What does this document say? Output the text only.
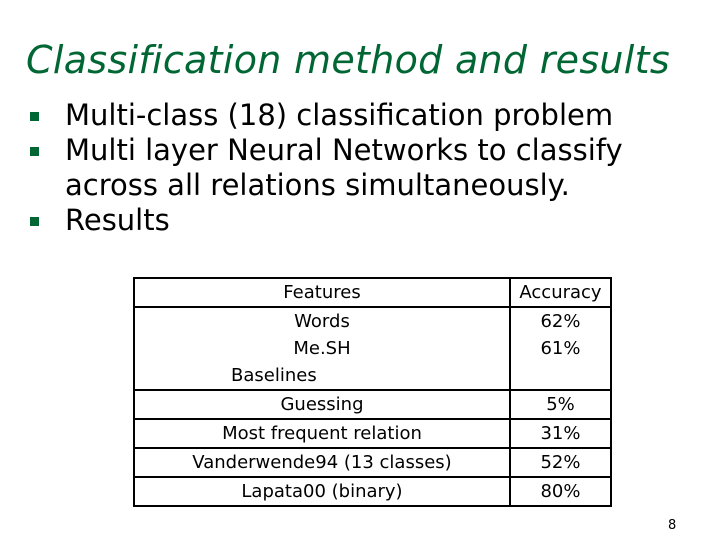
Classification method and results
Multi-class (18) classification problem
Multi layer Neural Networks to classify across all relations simultaneously.
Results
Features	Accuracy
Words	62%
Me.SH	61%
Baselines	
Guessing	5%
Most frequent relation	31%
Vanderwende94 (13 classes)	52%
Lapata00 (binary)	80%
8
